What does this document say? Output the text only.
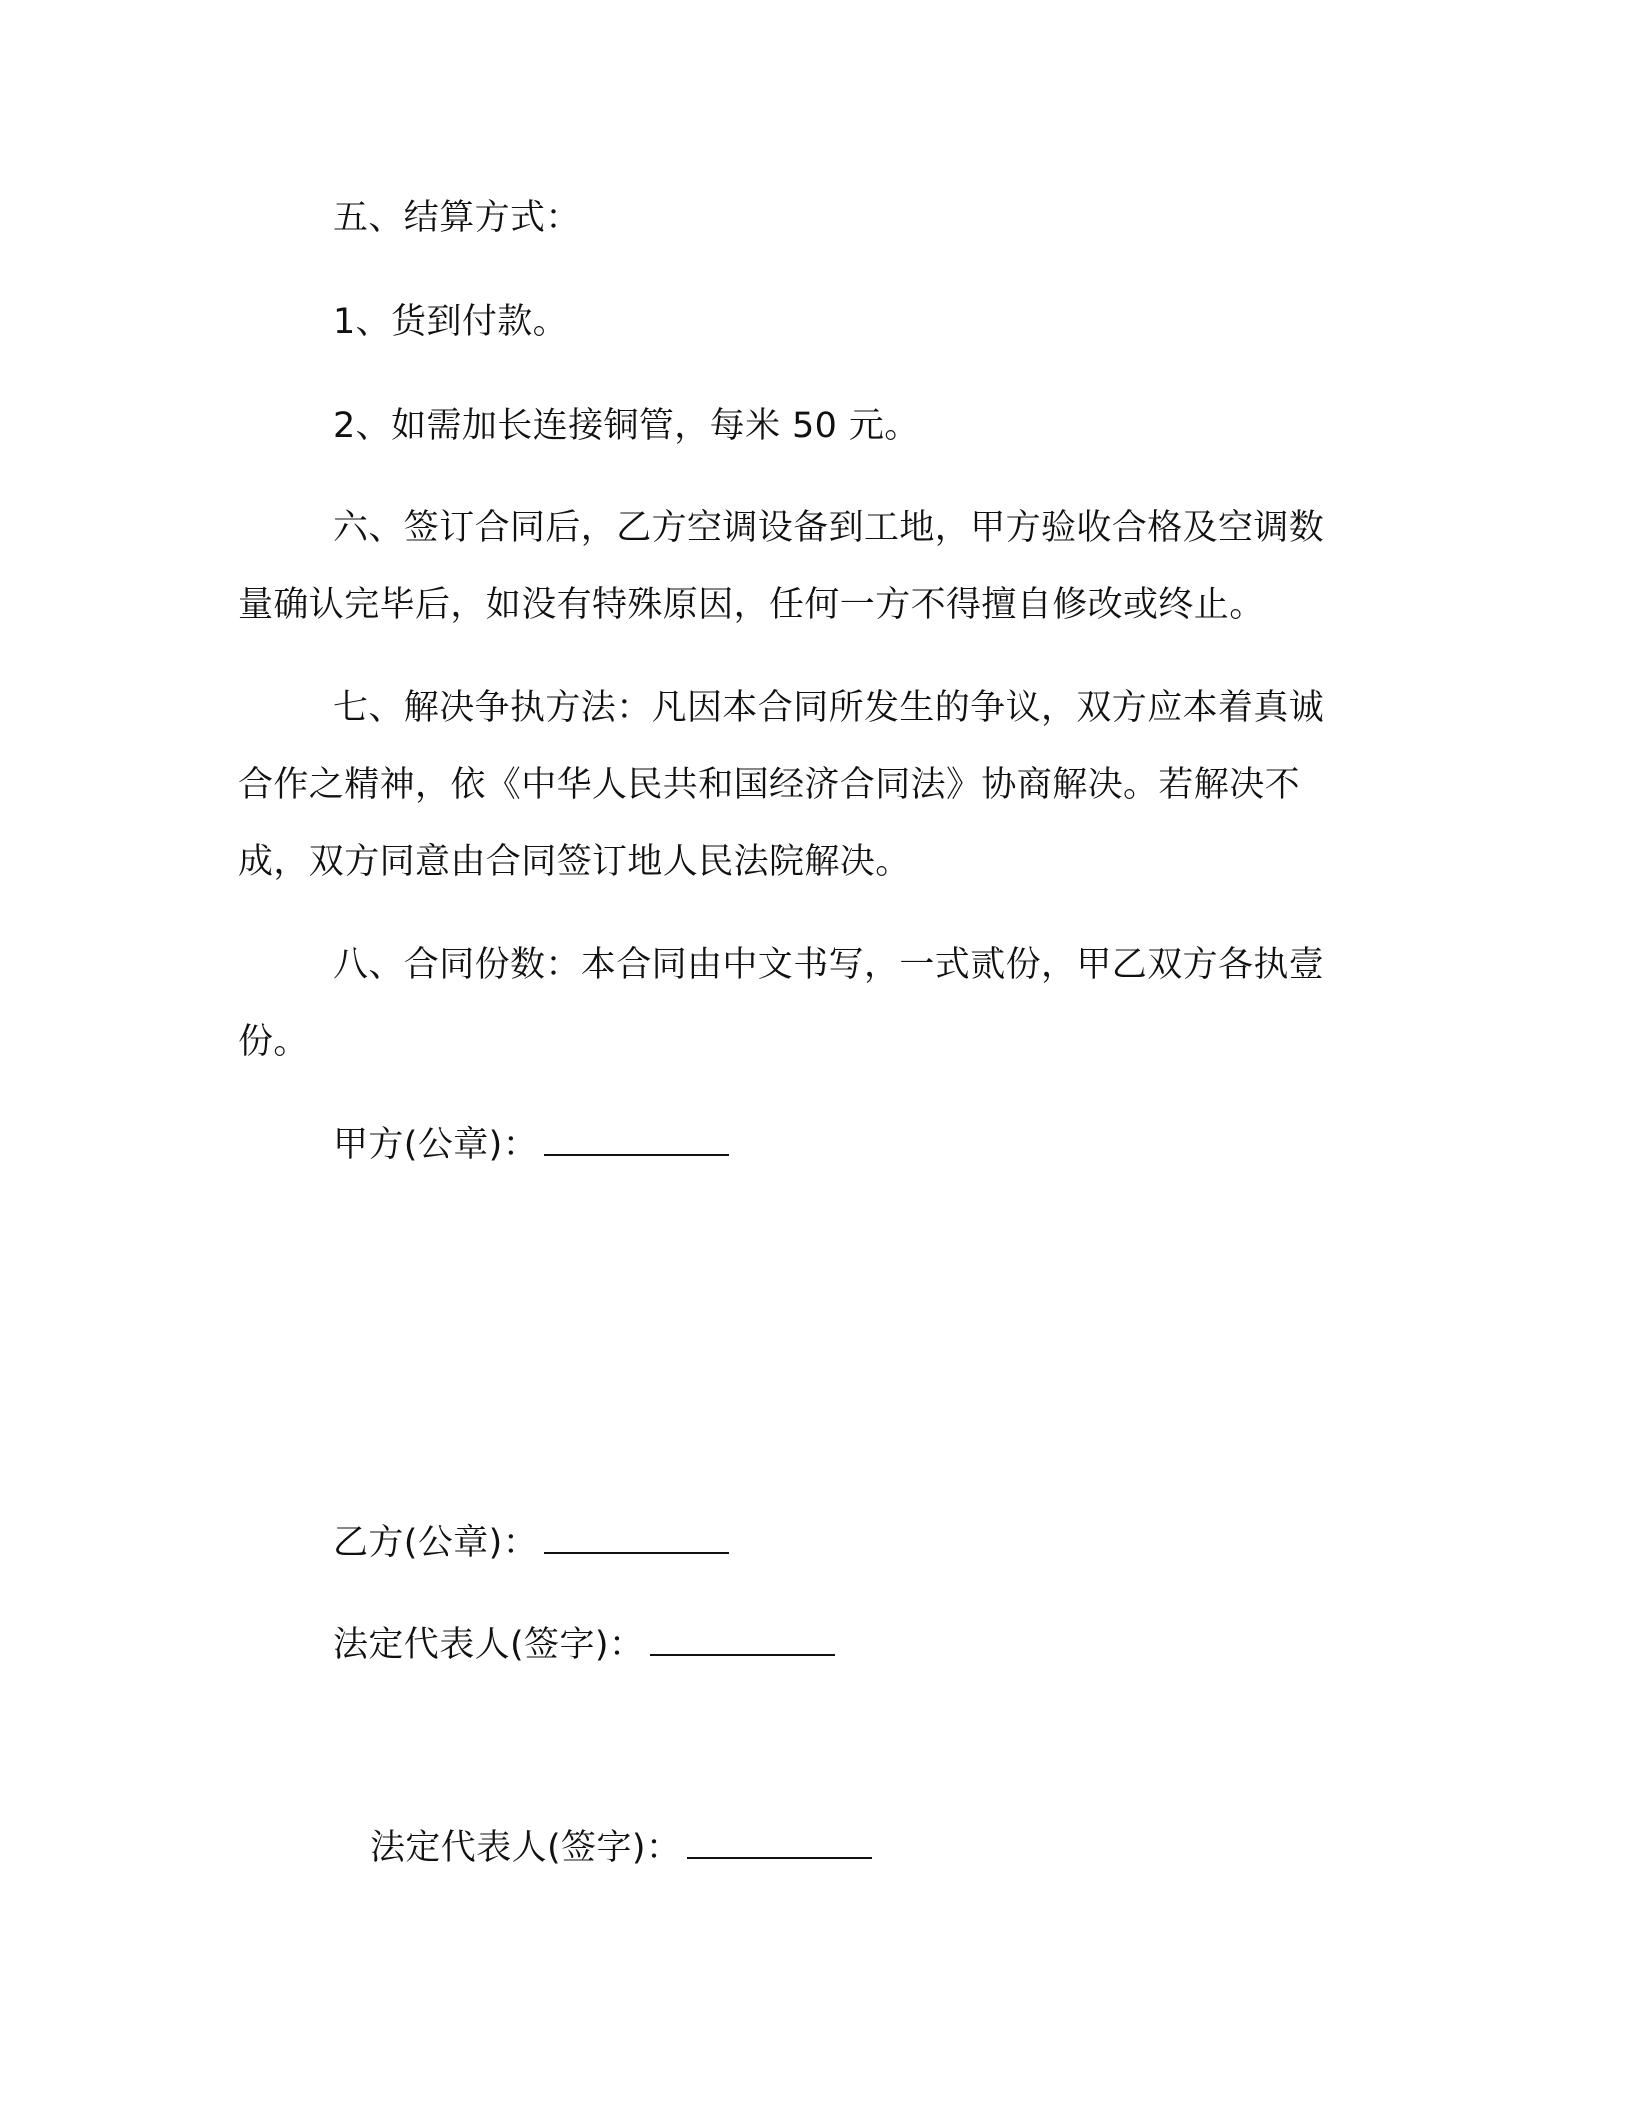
五、结算方式：
1、货到付款。
2、如需加长连接铜管，每米 50 元。
六、签订合同后，乙方空调设备到工地，甲方验收合格及空调数
量确认完毕后，如没有特殊原因，任何一方不得擅自修改或终止。
七、解决争执方法：凡因本合同所发生的争议，双方应本着真诚
合作之精神，依《中华人民共和国经济合同法》协商解决。若解决不
成，双方同意由合同签订地人民法院解决。
八、合同份数：本合同由中文书写，一式贰份，甲乙双方各执壹
份。
甲方(公章)：
乙方(公章)：
法定代表人(签字)：
法定代表人(签字)：
